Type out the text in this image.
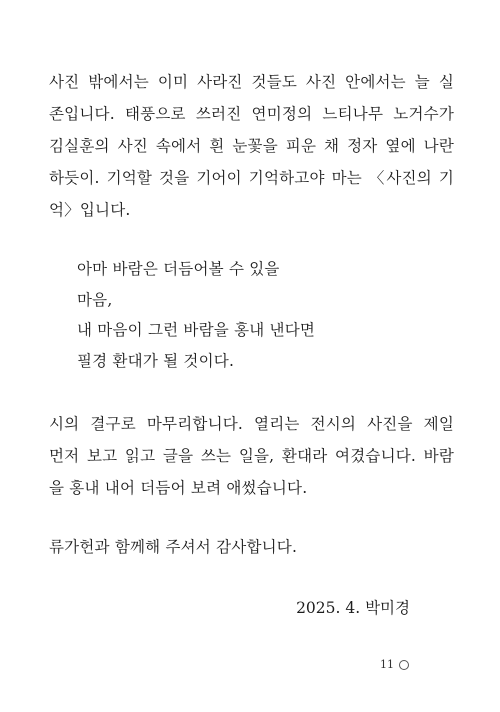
사진 밖에서는 이미 사라진 것들도 사진 안에서는 늘 실
존입니다. 태풍으로 쓰러진 연미정의 느티나무 노거수가
김실훈의 사진 속에서 흰 눈꽃을 피운 채 정자 옆에 나란
하듯이. 기억할 것을 기어이 기억하고야 마는 〈사진의 기
억〉입니다.
아마 바람은 더듬어볼 수 있을
마음,
내 마음이 그런 바람을 홍내 낸다면
필경 환대가 될 것이다.
시의 결구로 마무리합니다. 열리는 전시의 사진을 제일
먼저 보고 읽고 글을 쓰는 일을, 환대라 여겼습니다. 바람
을 홍내 내어 더듬어 보려 애썼습니다.
류가헌과 함께해 주셔서 감사합니다.
2025. 4. 박미경
11
